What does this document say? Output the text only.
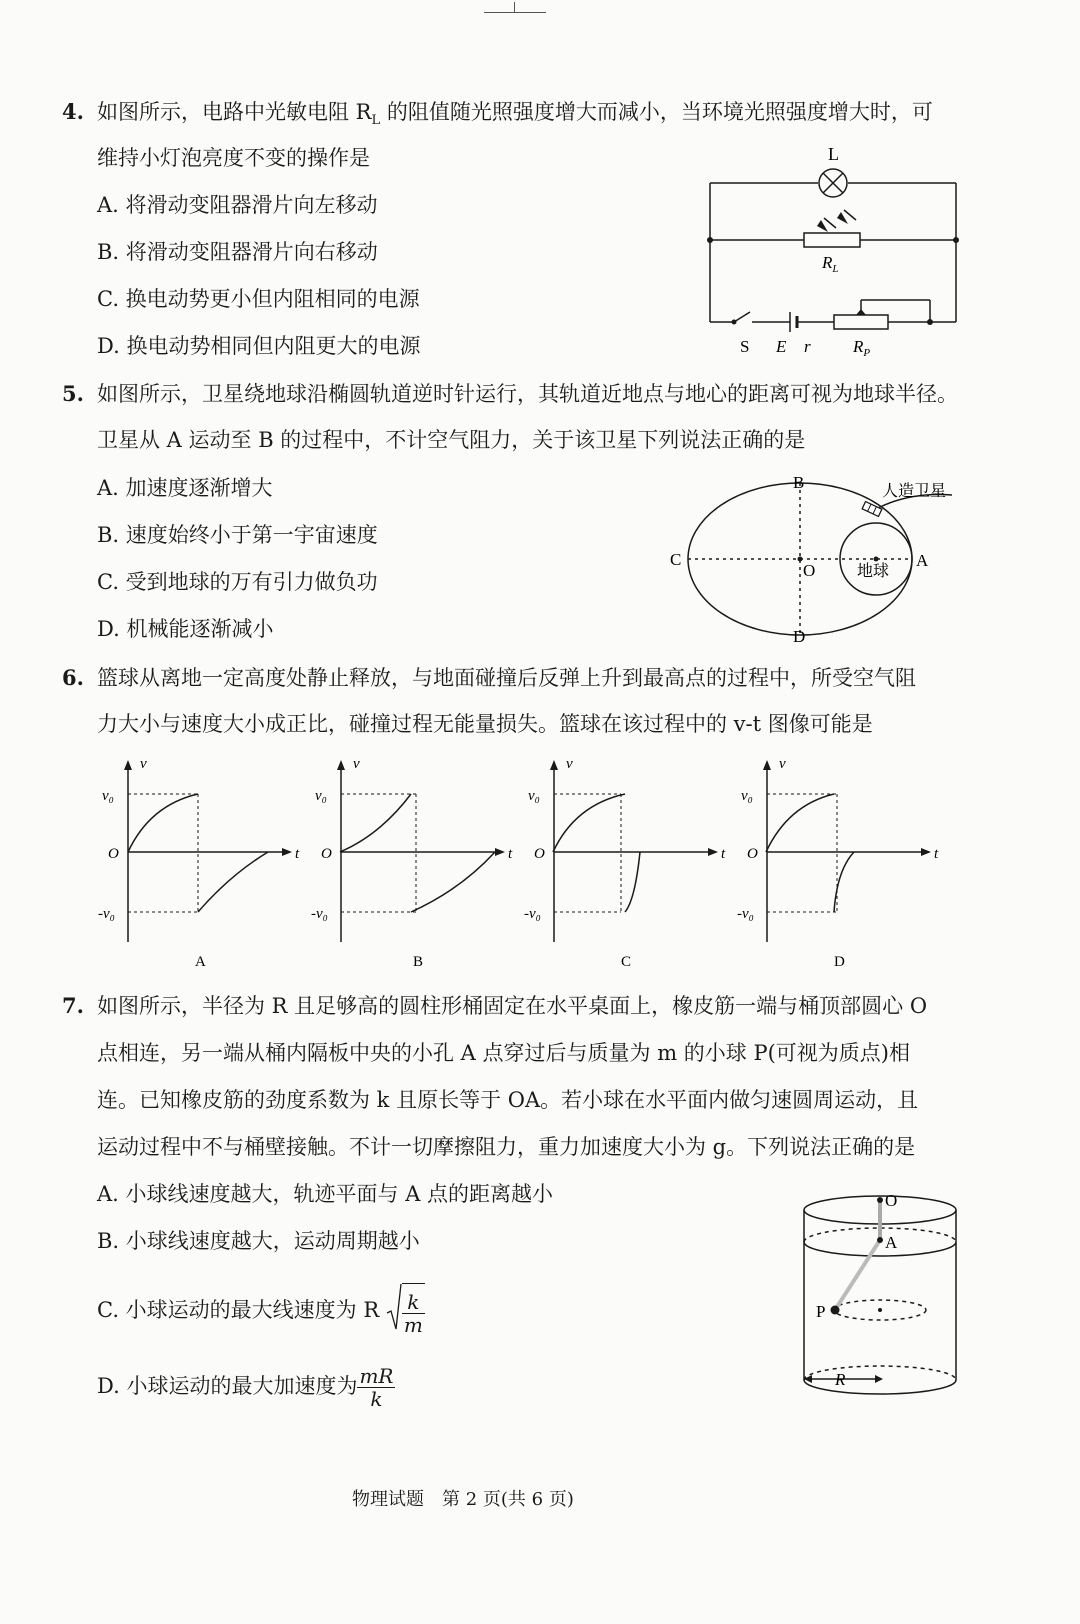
4. 如图所示，电路中光敏电阻 $R_L$ 的阻值随光照强度增大而减小，当环境光照强度增大时，可
维持小灯泡亮度不变的操作是
A. 将滑动变阻器滑片向左移动
B. 将滑动变阻器滑片向右移动
C. 换电动势更小但内阻相同的电源
D. 换电动势相同但内阻更大的电源
L
$R_L$
S E r $R_P$
5. 如图所示，卫星绕地球沿椭圆轨道逆时针运行，其轨道近地点与地心的距离可视为地球半径。
卫星从 A 运动至 B 的过程中，不计空气阻力，关于该卫星下列说法正确的是
A. 加速度逐渐增大
B. 速度始终小于第一宇宙速度
C. 受到地球的万有引力做负功
D. 机械能逐渐减小
B
C
O
A
D
地球
人造卫星
6. 篮球从离地一定高度处静止释放，与地面碰撞后反弹上升到最高点的过程中，所受空气阻
力大小与速度大小成正比，碰撞过程无能量损失。篮球在该过程中的 v-t 图像可能是
v
t
O
v₀
-v₀
A
v
t
O
v₀
-v₀
B
v
t
O
v₀
-v₀
C
v
t
O
v₀
-v₀
D
7. 如图所示，半径为 R 且足够高的圆柱形桶固定在水平桌面上，橡皮筋一端与桶顶部圆心 O
点相连，另一端从桶内隔板中央的小孔 A 点穿过后与质量为 m 的小球 P(可视为质点)相
连。已知橡皮筋的劲度系数为 k 且原长等于 OA。若小球在水平面内做匀速圆周运动，且
运动过程中不与桶壁接触。不计一切摩擦阻力，重力加速度大小为 g。下列说法正确的是
A. 小球线速度越大，轨迹平面与 A 点的距离越小
B. 小球线速度越大，运动周期越小
C. 小球运动的最大线速度为 R $\frac{k}{m}$
D. 小球运动的最大加速度为 $\frac{mR}{k}$
O
A
P
R
物理试题　第 2 页(共 6 页)
